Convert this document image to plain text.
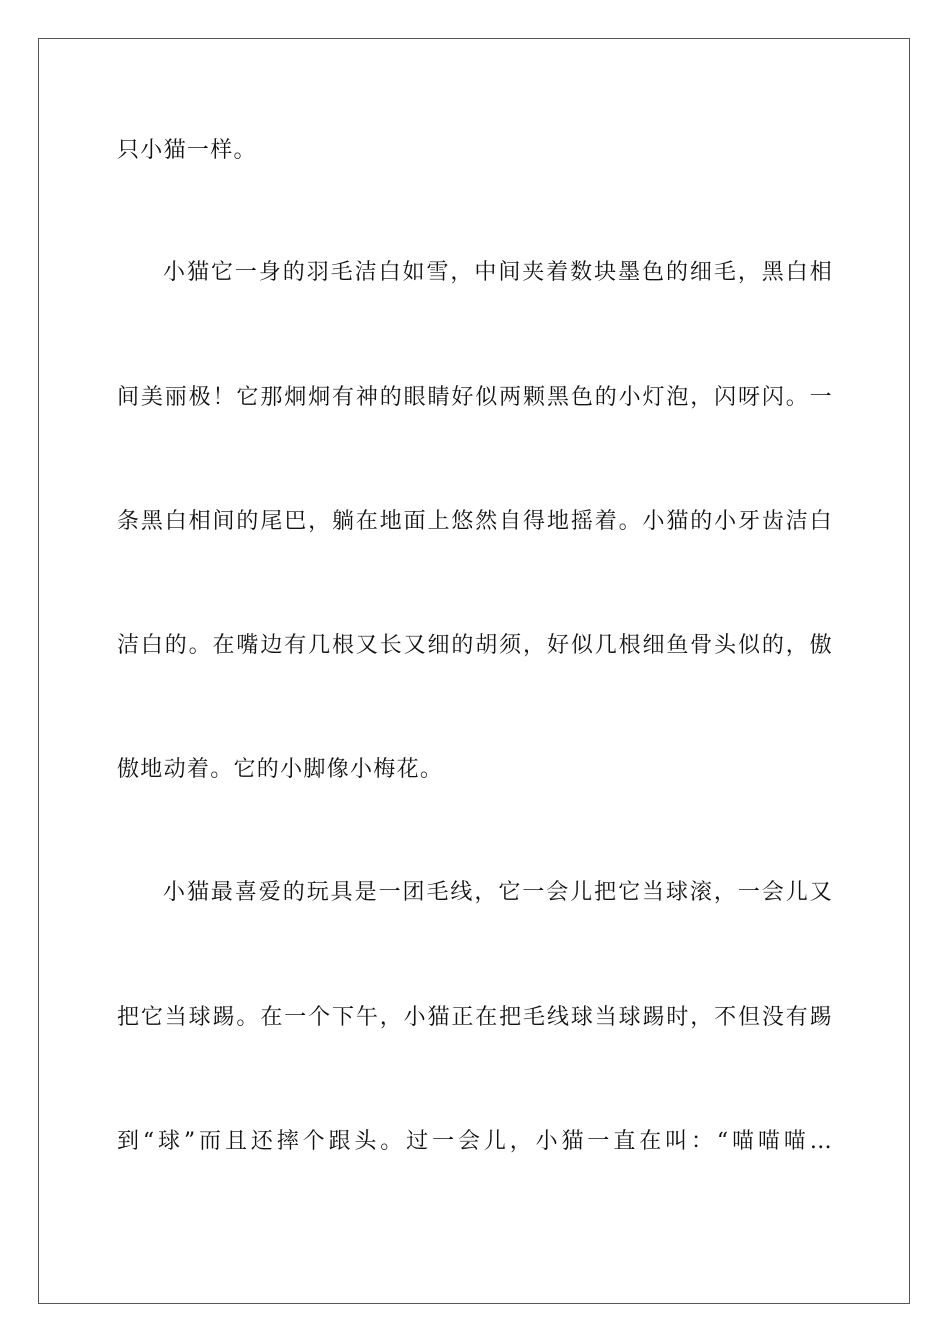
只小猫一样。
小猫它一身的羽毛洁白如雪，中间夹着数块墨色的细毛，黑白相
间美丽极！它那炯炯有神的眼睛好似两颗黑色的小灯泡，闪呀闪。一
条黑白相间的尾巴，躺在地面上悠然自得地摇着。小猫的小牙齿洁白
洁白的。在嘴边有几根又长又细的胡须，好似几根细鱼骨头似的，傲
傲地动着。它的小脚像小梅花。
小猫最喜爱的玩具是一团毛线，它一会儿把它当球滚，一会儿又
把它当球踢。在一个下午，小猫正在把毛线球当球踢时，不但没有踢
到“球”而且还摔个跟头。过一会儿，小猫一直在叫：“喵喵喵…
